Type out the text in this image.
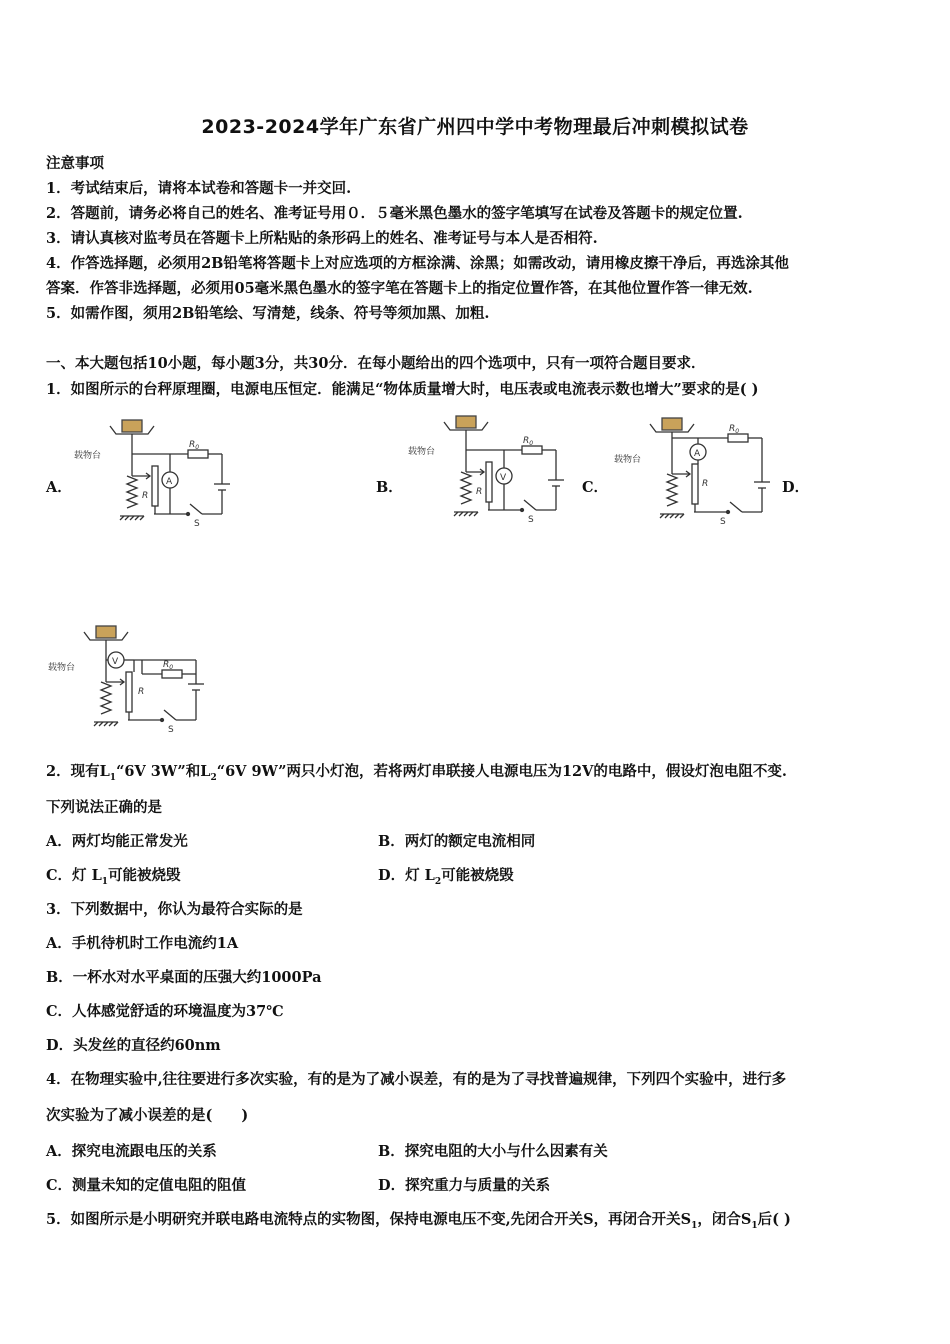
2023-2024学年广东省广州四中学中考物理最后冲刺模拟试卷
注意事项
1．考试结束后，请将本试卷和答题卡一并交回.
2．答题前，请务必将自己的姓名、准考证号用０．５毫米黑色墨水的签字笔填写在试卷及答题卡的规定位置.
3．请认真核对监考员在答题卡上所粘贴的条形码上的姓名、准考证号与本人是否相符.
4．作答选择题，必须用2B铅笔将答题卡上对应选项的方框涂满、涂黑；如需改动，请用橡皮擦干净后，再选涂其他
答案．作答非选择题，必须用05毫米黑色墨水的签字笔在答题卡上的指定位置作答，在其他位置作答一律无效.
5．如需作图，须用2B铅笔绘、写清楚，线条、符号等须加黑、加粗.
一、本大题包括10小题，每小题3分，共30分．在每小题给出的四个选项中，只有一项符合题目要求．
1．如图所示的台秤原理圈，电源电压恒定．能满足“物体质量增大时，电压表或电流表示数也增大”要求的是( )
A．	B．	C．	D．
载物台
$R_0$
R
A
S
载物台
$R_0$
R
V
S
载物台
$R_0$
R
A
S
载物台	$R_0$
R
V
S
2．现有$L_1“6V$ 3W”和$L_2“6V$ 9W”两只小灯泡，若将两灯串联接人电源电压为12V的电路中，假设灯泡电阻不变.
下列说法正确的是
A．两灯均能正常发光	B．两灯的额定电流相同
C．灯 $L_1$可能被烧毁	D．灯 $L_2$可能被烧毁
3．下列数据中，你认为最符合实际的是
A．手机待机时工作电流约1A
B．一杯水对水平桌面的压强大约1000Pa
C．人体感觉舒适的环境温度为37℃
D．头发丝的直径约60nm
4．在物理实验中,往往要进行多次实验，有的是为了减小误差，有的是为了寻找普遍规律，下列四个实验中，进行多
次实验为了减小误差的是(　　)
A．探究电流跟电压的关系	B．探究电阻的大小与什么因素有关
C．测量未知的定值电阻的阻值	D．探究重力与质量的关系
5．如图所示是小明研究并联电路电流特点的实物图，保持电源电压不变,先闭合开关S，再闭合开关$S_1$，闭合$S_1$后( )
